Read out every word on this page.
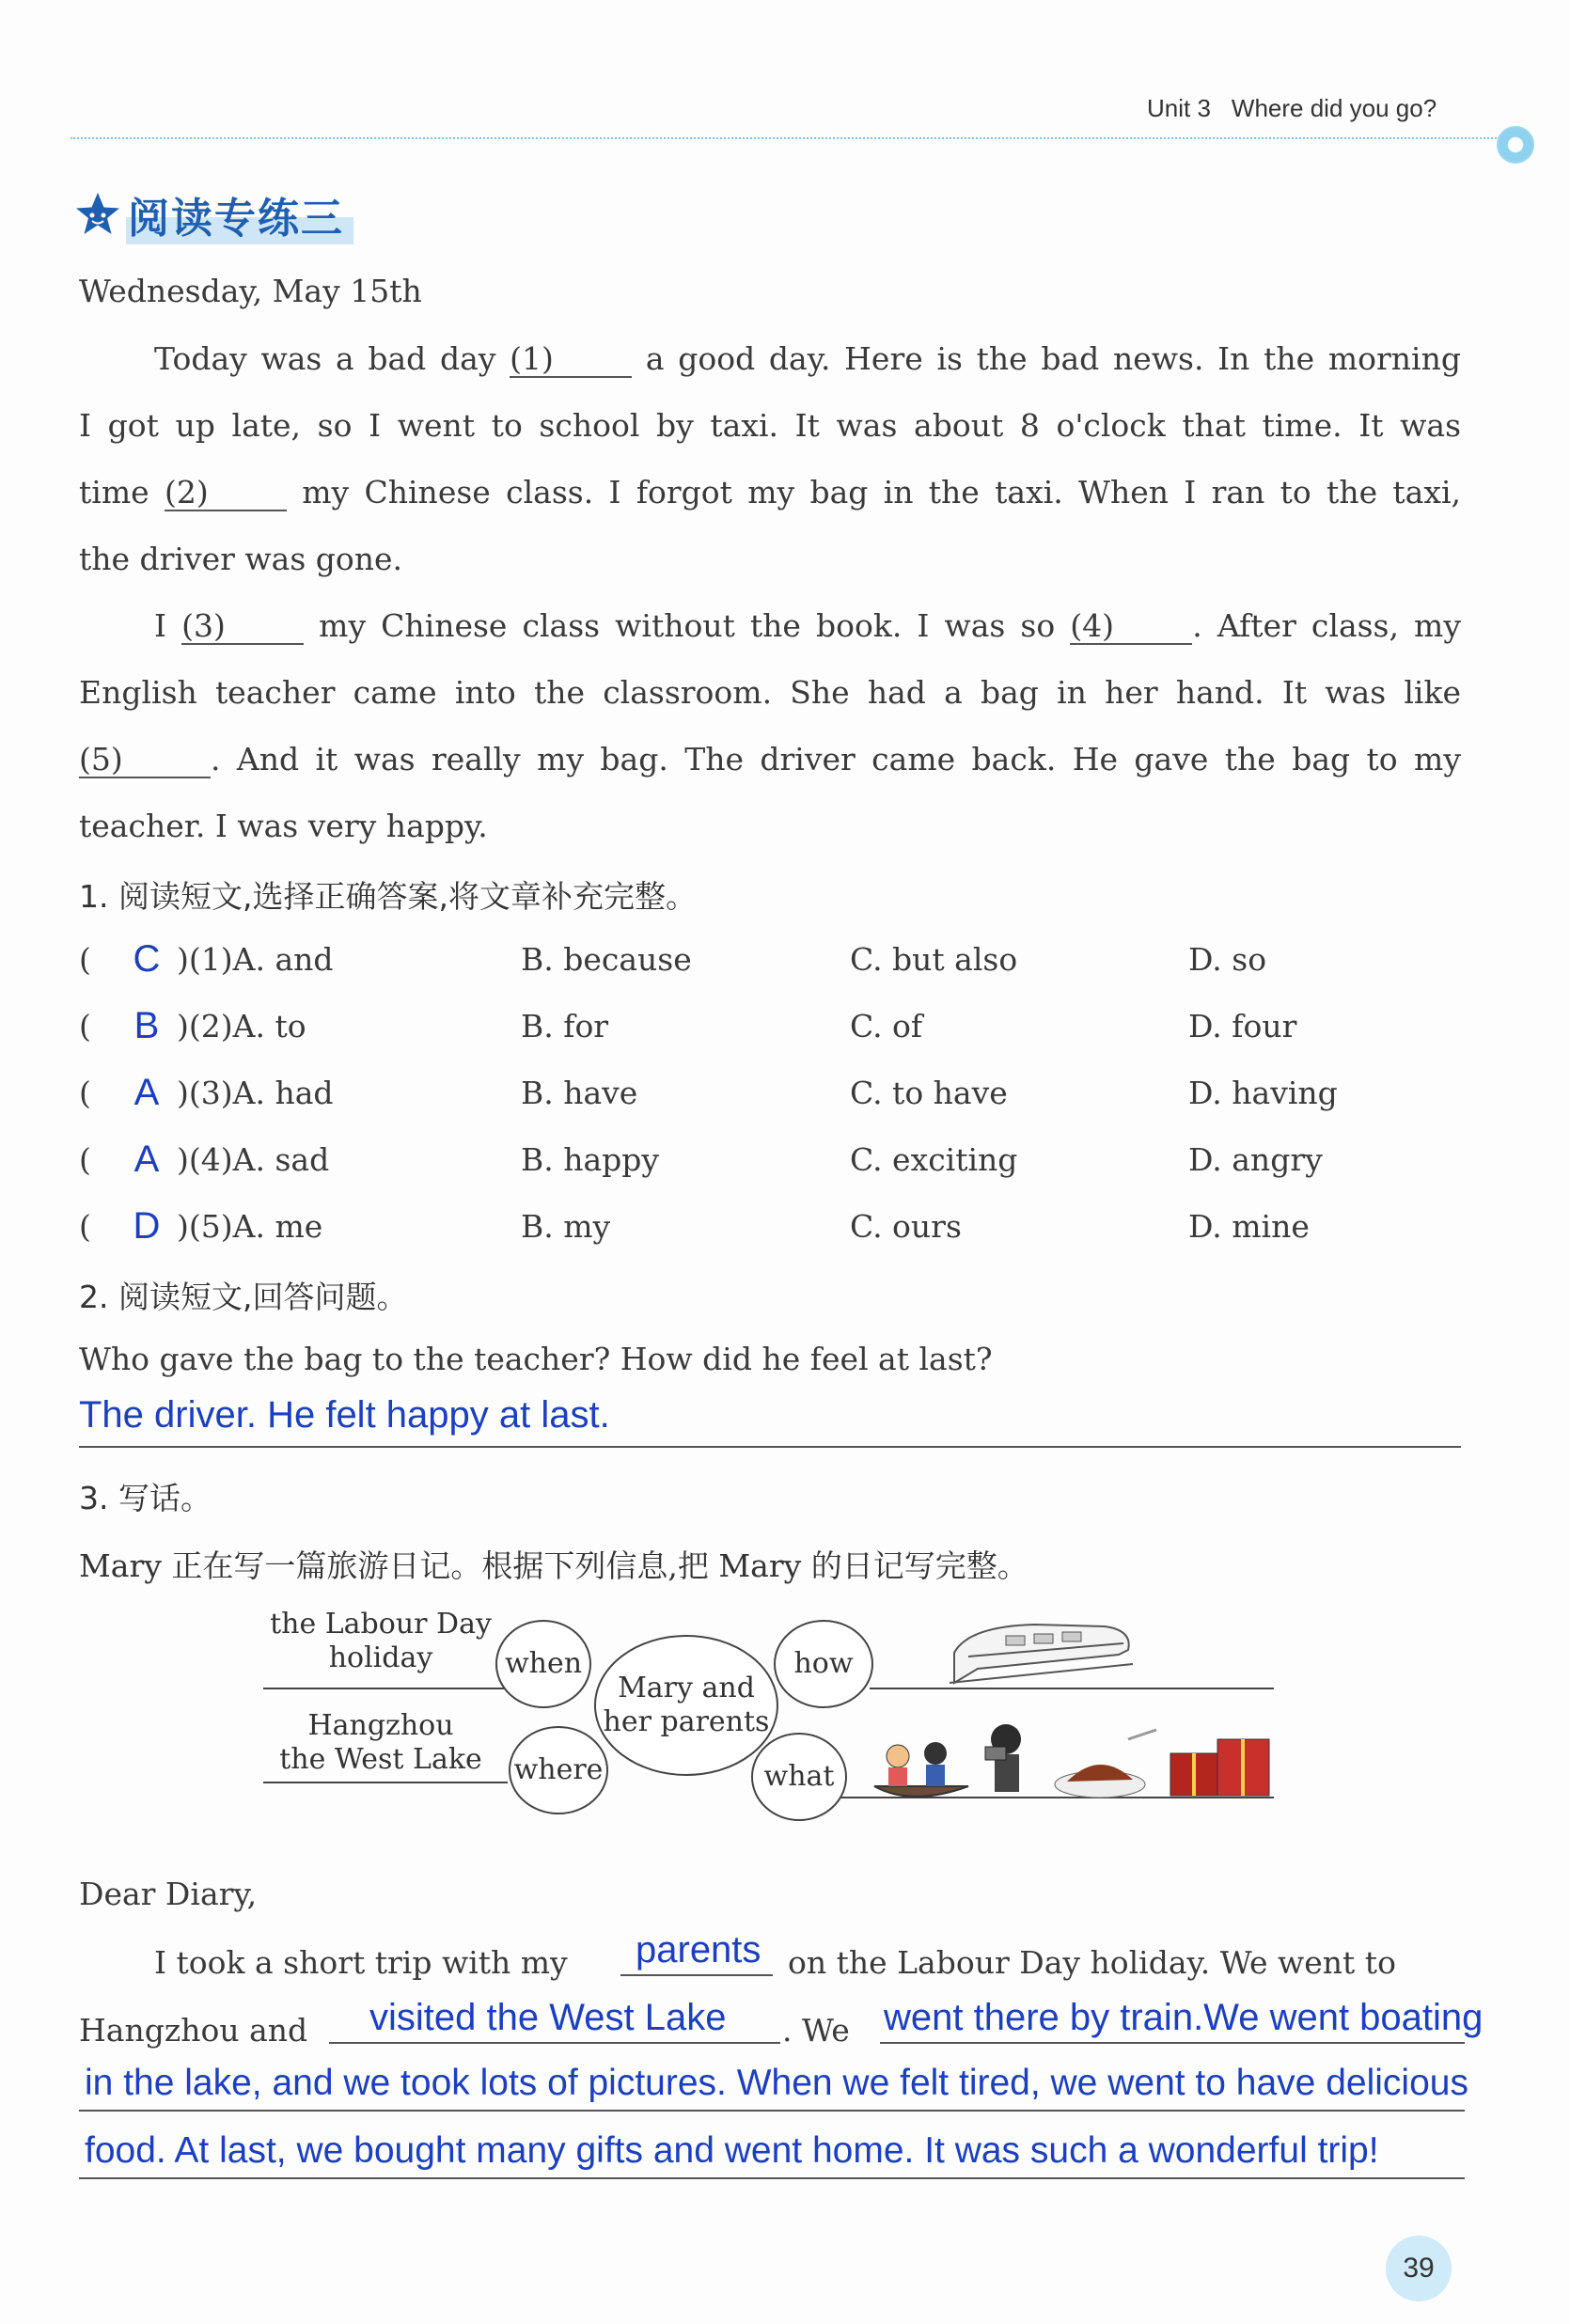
Unit 3 Where did you go?
阅读专练三
Wednesday, May 15th
Today was a bad day (1)	a good day. Here is the bad news. In the morning
I got up late, so I went to school by taxi. It was about 8 o'clock that time. It was
time (2)	my Chinese class. I forgot my bag in the taxi. When I ran to the taxi,
the driver was gone.
I (3)	my Chinese class without the book. I was so (4)	. After class, my
English teacher came into the classroom. She had a bag in her hand. It was like
(5)	. And it was really my bag. The driver came back. He gave the bag to my
teacher. I was very happy.
1. 阅读短文,选择正确答案,将文章补充完整。
(	C )(1)A. and	B. because	C. but also	D. so
(	B )(2)A. to	B. for	C. of	D. four
(	A )(3)A. had	B. have	C. to have	D. having
(	A )(4)A. sad	B. happy	C. exciting	D. angry
(	D )(5)A. me	B. my	C. ours	D. mine
2. 阅读短文,回答问题。
Who gave the bag to the teacher? How did he feel at last?
The driver. He felt happy at last.
3. 写话。
Mary 正在写一篇旅游日记。根据下列信息,把 Mary 的日记写完整。
the Labour Day
holiday
Hangzhou
the West Lake
when
where
Mary and
her parents
how
what
Dear Diary,
I took a short trip with my parents on the Labour Day holiday. We went to
Hangzhou and visited the West Lake . We went there by train.We went boating
in the lake, and we took lots of pictures. When we felt tired, we went to have delicious
food. At last, we bought many gifts and went home. It was such a wonderful trip!
39
